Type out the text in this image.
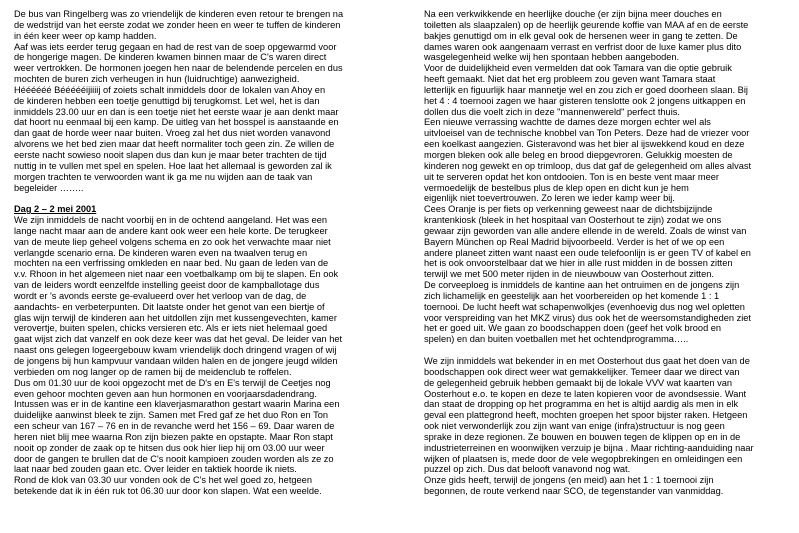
De bus van Ringelberg was zo vriendelijk de kinderen even retour te brengen na
de wedstrijd van het eerste zodat we zonder heen en weer te tuffen de kinderen
in één keer weer op kamp hadden.
Aaf was iets eerder terug gegaan en had de rest van de soep opgewarmd voor
de hongerige magen. De kinderen kwamen binnen maar de C's waren direct
weer vertrokken. De hormonen joegen hen naar de belendende percelen en dus
mochten de buren zich verheugen in hun (luidruchtige) aanwezigheid.
Héééééé Béééééijiiiij of zoiets schalt inmiddels door de lokalen van Ahoy en
de kinderen hebben een toetje genuttigd bij terugkomst. Let wel, het is dan
inmiddels 23.00 uur en dan is een toetje niet het eerste waar je aan denkt maar
dat hoort nu eenmaal bij een kamp. De uitleg van het bosspel is aanstaande en
dan gaat de horde weer naar buiten. Vroeg zal het dus niet worden vanavond
alvorens we het bed zien maar dat heeft normaliter toch geen zin. Ze willen de
eerste nacht sowieso nooit slapen dus dan kun je maar beter trachten de tijd
nuttig in te vullen met spel en spelen. Hoe laat het allemaal is geworden zal ik
morgen trachten te verwoorden want ik ga me nu wijden aan de taak van
begeleider ……..

Dag 2 – 2 mei 2001

We zijn inmiddels de nacht voorbij en in de ochtend aangeland. Het was een
lange nacht maar aan de andere kant ook weer een hele korte. De terugkeer
van de meute liep geheel volgens schema en zo ook het verwachte maar niet
verlangde scenario erna. De kinderen waren even na twaalven terug en
mochten na een verfrissing omkleden en naar bed. Nu gaan de leden van de
v.v. Rhoon in het algemeen niet naar een voetbalkamp om bij te slapen. En ook
van de leiders wordt eenzelfde instelling geeist door de kampballotage dus
wordt er 's avonds eerste ge-evalueerd over het verloop van de dag, de
aandachts- en verbeterpunten. Dit laatste onder het genot van een biertje of
glas wijn terwijl de kinderen aan het uitdollen zijn met kussengevechten, kamer
verovertje, buiten spelen, chicks versieren etc. Als er iets niet helemaal goed
gaat wijst zich dat vanzelf en ook deze keer was dat het geval. De leider van het
naast ons gelegen logeergebouw kwam vriendelijk doch dringend vragen of wij
de jongens bij hun kampvuur vandaan wilden halen en de jongere jeugd wilden
verbieden om nog langer op de ramen bij de meidenclub te roffelen.
Dus om 01.30 uur de kooi opgezocht met de D's en E's terwijl de Ceetjes nog
even gehoor mochten geven aan hun hormonen en voorjaarsdadendrang.
Intussen was er in de kantine een klaverjasmarathon gestart waarin Marina een
duidelijke aanwinst bleek te zijn. Samen met Fred gaf ze het duo Ron en Ton
een scheur van 167 – 76 en in de revanche werd het 156 – 69. Daar waren de
heren niet blij mee waarna Ron zijn biezen pakte en opstapte. Maar Ron stapt
nooit op zonder de zaak op te hitsen dus ook hier liep hij om 03.00 uur weer
door de gangen te brullen dat de C's nooit kampioen zouden worden als ze zo
laat naar bed zouden gaan etc. Over leider en taktiek hoorde ik niets.
Rond de klok van 03.30 uur vonden ook de C's het wel goed zo, hetgeen
betekende dat ik in één ruk tot 06.30 uur door kon slapen. Wat een weelde.

Na een verkwikkende en heerlijke douche (er zijn bijna meer douches en
toiletten als slaapzalen) op de heerlijk geurende koffie van MAA af en de eerste
bakjes genuttigd om in elk geval ook de hersenen weer in gang te zetten. De
dames waren ook aangenaam verrast en verfrist door de luxe kamer plus dito
wasgelegenheid welke wij hen spontaan hebben aangeboden.
Voor de duidelijkheid even vermelden dat ook Tamara van die optie gebruik
heeft gemaakt. Niet dat het erg probleem zou geven want Tamara staat
letterlijk en figuurlijk haar mannetje wel en zou zich er goed doorheen slaan. Bij
het 4 : 4 toernooi zagen we haar gisteren tenslotte ook 2 jongens uitkappen en
dollen dus die voelt zich in deze "mannenwereld" perfect thuis.
Een nieuwe verrassing wachtte de dames deze morgen echter wel als
uitvloeisel van de technische knobbel van Ton Peters. Deze had de vriezer voor
een koelkast aangezien. Gisteravond was het bier al ijswekkend koud en deze
morgen bleken ook alle beleg en brood diepgevroren. Gelukkig moesten de
kinderen nog gewekt en op trimloop, dus dat gaf de gelegenheid om alles alvast
uit te serveren opdat het kon ontdooien. Ton is en beste vent maar meer
vermoedelijk de bestelbus plus de klep open en dicht kun je hem
eigenlijk niet toevertrouwen. Zo leren we ieder kamp weer bij.
Cees Oranje is per fiets op verkenning geweest naar de dichtsbijzijnde
krantenkiosk (bleek in het hospitaal van Oosterhout te zijn) zodat we ons
gewaar zijn geworden van alle andere ellende in de wereld. Zoals de winst van
Bayern München op Real Madrid bijvoorbeeld. Verder is het of we op een
andere planeet zitten want naast een oude telefoonlijn is er geen TV of kabel en
het is ook onvoorstelbaar dat we hier in alle rust midden in de bossen zitten
terwijl we met 500 meter rijden in de nieuwbouw van Oosterhout zitten.
De corveeploeg is inmiddels de kantine aan het ontruimen en de jongens zijn
zich lichamelijk en geestelijk aan het voorbereiden op het komende 1 : 1
toernooi. De lucht heeft wat schapenwolkjes (evenhoevig dus nog wel opletten
voor verspreiding van het MKZ virus) dus ook het de weersomstandigheden ziet
het er goed uit. We gaan zo boodschappen doen (geef het volk brood en
spelen) en dan buiten voetballen met het ochtendprogramma…..

We zijn inmiddels wat bekender in en met Oosterhout dus gaat het doen van de
boodschappen ook direct weer wat gemakkelijker. Temeer daar we direct van
de gelegenheid gebruik hebben gemaakt bij de lokale VVV wat kaarten van
Oosterhout e.o. te kopen en deze te laten kopieren voor de avondsessie. Want
dan staat de dropping op het programma en het is altijd aardig als men in elk
geval een plattegrond heeft, mochten groepen het spoor bijster raken. Hetgeen
ook niet verwonderlijk zou zijn want van enige (infra)structuur is nog geen
sprake in deze regionen. Ze bouwen en bouwen tegen de klippen op en in de
industrieterreinen en woonwijken verzuip je bijna . Maar richting-aanduiding naar
wijken of plaatsen is, mede door de vele wegopbrekingen en omleidingen een
puzzel op zich. Dus dat belooft vanavond nog wat.
Onze gids heeft, terwijl de jongens (en meid) aan het 1 : 1 toernooi zijn
begonnen, de route verkend naar SCO, de tegenstander van vanmiddag.
